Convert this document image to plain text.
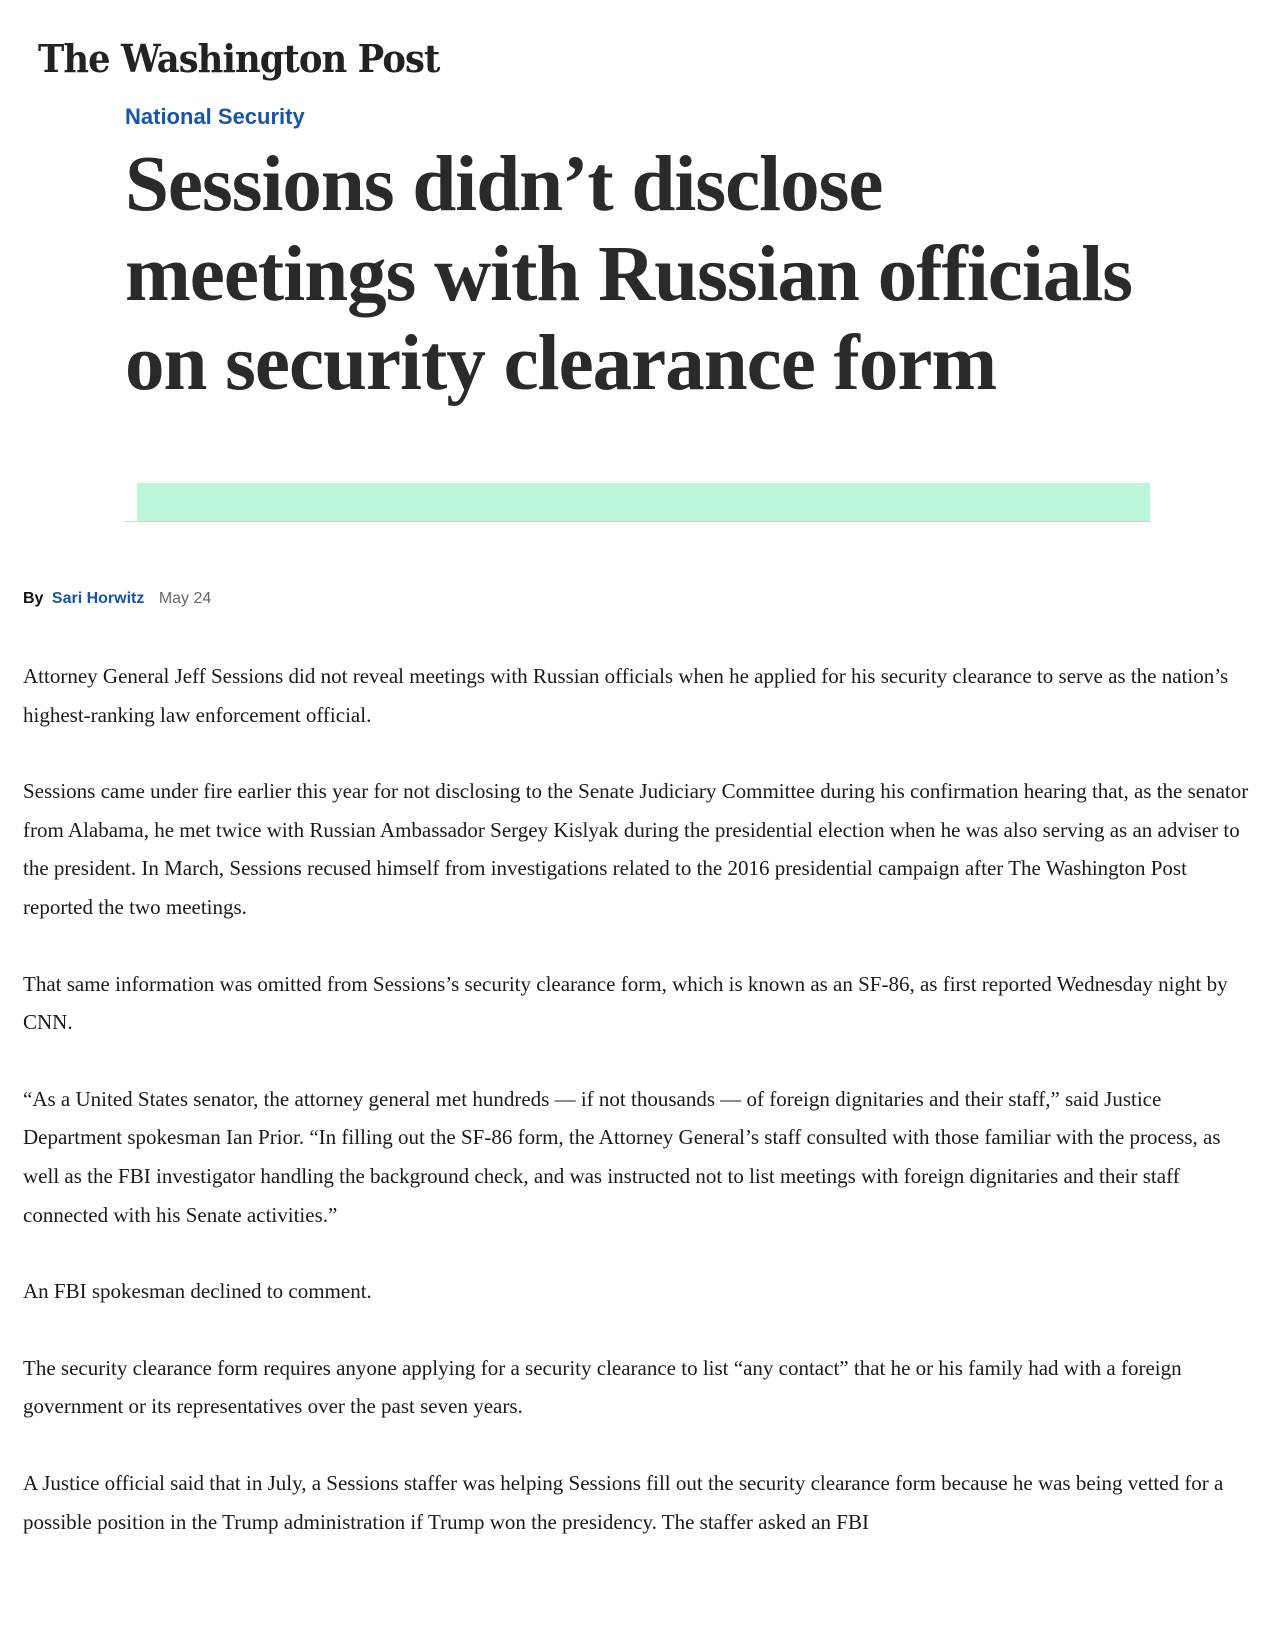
The Washington Post
National Security
Sessions didn’t disclose meetings with Russian officials on security clearance form
By Sari Horwitz May 24

Attorney General Jeff Sessions did not reveal meetings with Russian officials when he applied for his security clearance to serve as the nation’s highest-ranking law enforcement official.

Sessions came under fire earlier this year for not disclosing to the Senate Judiciary Committee during his confirmation hearing that, as the senator from Alabama, he met twice with Russian Ambassador Sergey Kislyak during the presidential election when he was also serving as an adviser to the president. In March, Sessions recused himself from investigations related to the 2016 presidential campaign after The Washington Post reported the two meetings.

That same information was omitted from Sessions’s security clearance form, which is known as an SF-86, as first reported Wednesday night by CNN.

“As a United States senator, the attorney general met hundreds — if not thousands — of foreign dignitaries and their staff,” said Justice Department spokesman Ian Prior. “In filling out the SF-86 form, the Attorney General’s staff consulted with those familiar with the process, as well as the FBI investigator handling the background check, and was instructed not to list meetings with foreign dignitaries and their staff connected with his Senate activities.”

An FBI spokesman declined to comment.

The security clearance form requires anyone applying for a security clearance to list “any contact” that he or his family had with a foreign government or its representatives over the past seven years.

A Justice official said that in July, a Sessions staffer was helping Sessions fill out the security clearance form because he was being vetted for a possible position in the Trump administration if Trump won the presidency. The staffer asked an FBI
